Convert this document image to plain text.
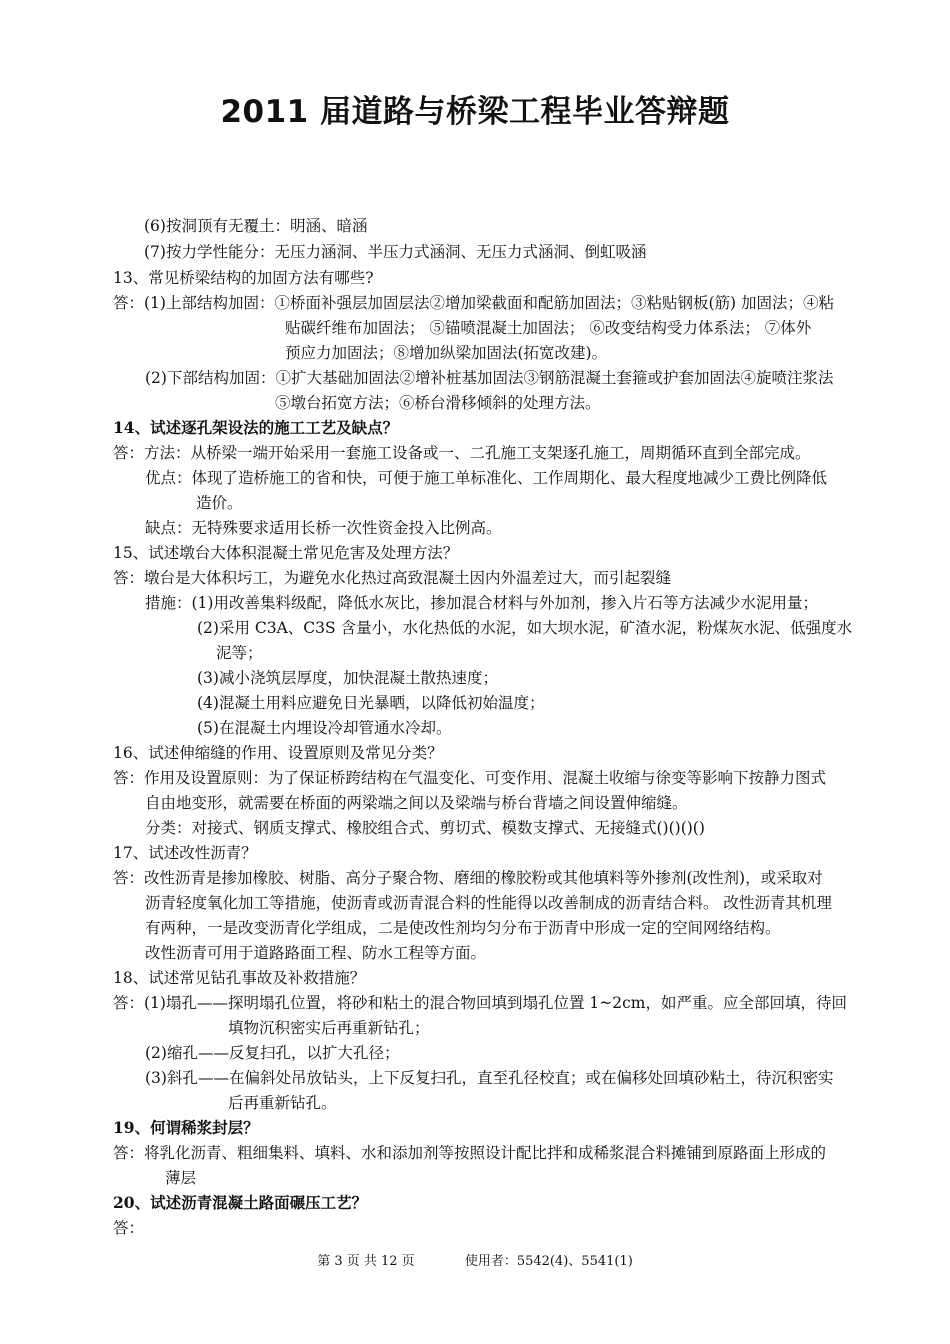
2011 届道路与桥梁工程毕业答辩题
(6)按洞顶有无覆土：明涵、暗涵
(7)按力学性能分：无压力涵洞、半压力式涵洞、无压力式涵洞、倒虹吸涵
13、常见桥梁结构的加固方法有哪些?
答：(1)上部结构加固：①桥面补强层加固层法②增加梁截面和配筋加固法；③粘贴钢板(筋) 加固法；④粘
贴碳纤维布加固法； ⑤锚喷混凝土加固法； ⑥改变结构受力体系法； ⑦体外
预应力加固法；⑧增加纵梁加固法(拓宽改建)。
(2)下部结构加固：①扩大基础加固法②增补桩基加固法③钢筋混凝土套箍或护套加固法④旋喷注浆法
⑤墩台拓宽方法；⑥桥台滑移倾斜的处理方法。
14、试述逐孔架设法的施工工艺及缺点？
答：方法：从桥梁一端开始采用一套施工设备或一、二孔施工支架逐孔施工，周期循环直到全部完成。
优点：体现了造桥施工的省和快，可便于施工单标准化、工作周期化、最大程度地减少工费比例降低
造价。
缺点：无特殊要求适用长桥一次性资金投入比例高。
15、试述墩台大体积混凝土常见危害及处理方法？
答：墩台是大体积圬工，为避免水化热过高致混凝土因内外温差过大，而引起裂缝
措施：(1)用改善集料级配，降低水灰比，掺加混合材料与外加剂，掺入片石等方法减少水泥用量；
(2)采用 C3A、C3S 含量小，水化热低的水泥，如大坝水泥，矿渣水泥，粉煤灰水泥、低强度水
泥等；
(3)减小浇筑层厚度，加快混凝土散热速度；
(4)混凝土用料应避免日光暴晒，以降低初始温度；
(5)在混凝土内埋设冷却管通水冷却。
16、试述伸缩缝的作用、设置原则及常见分类？
答：作用及设置原则：为了保证桥跨结构在气温变化、可变作用、混凝土收缩与徐变等影响下按静力图式
自由地变形，就需要在桥面的两梁端之间以及梁端与桥台背墙之间设置伸缩缝。
分类：对接式、钢质支撑式、橡胶组合式、剪切式、模数支撑式、无接缝式()()()()
17、试述改性沥青？
答：改性沥青是掺加橡胶、树脂、高分子聚合物、磨细的橡胶粉或其他填料等外掺剂(改性剂)，或采取对
沥青轻度氧化加工等措施，使沥青或沥青混合料的性能得以改善制成的沥青结合料。 改性沥青其机理
有两种，一是改变沥青化学组成，二是使改性剂均匀分布于沥青中形成一定的空间网络结构。
改性沥青可用于道路路面工程、防水工程等方面。
18、试述常见钻孔事故及补救措施？
答：(1)塌孔——探明塌孔位置，将砂和粘土的混合物回填到塌孔位置 1~2cm，如严重。应全部回填，待回
填物沉积密实后再重新钻孔；
(2)缩孔——反复扫孔，以扩大孔径；
(3)斜孔——在偏斜处吊放钻头，上下反复扫孔，直至孔径校直；或在偏移处回填砂粘土，待沉积密实
后再重新钻孔。
19、何谓稀浆封层？
答：将乳化沥青、粗细集料、填料、水和添加剂等按照设计配比拌和成稀浆混合料摊铺到原路面上形成的
薄层
20、试述沥青混凝土路面碾压工艺？
答：
第 3 页 共 12 页	使用者：5542(4)、5541(1)
